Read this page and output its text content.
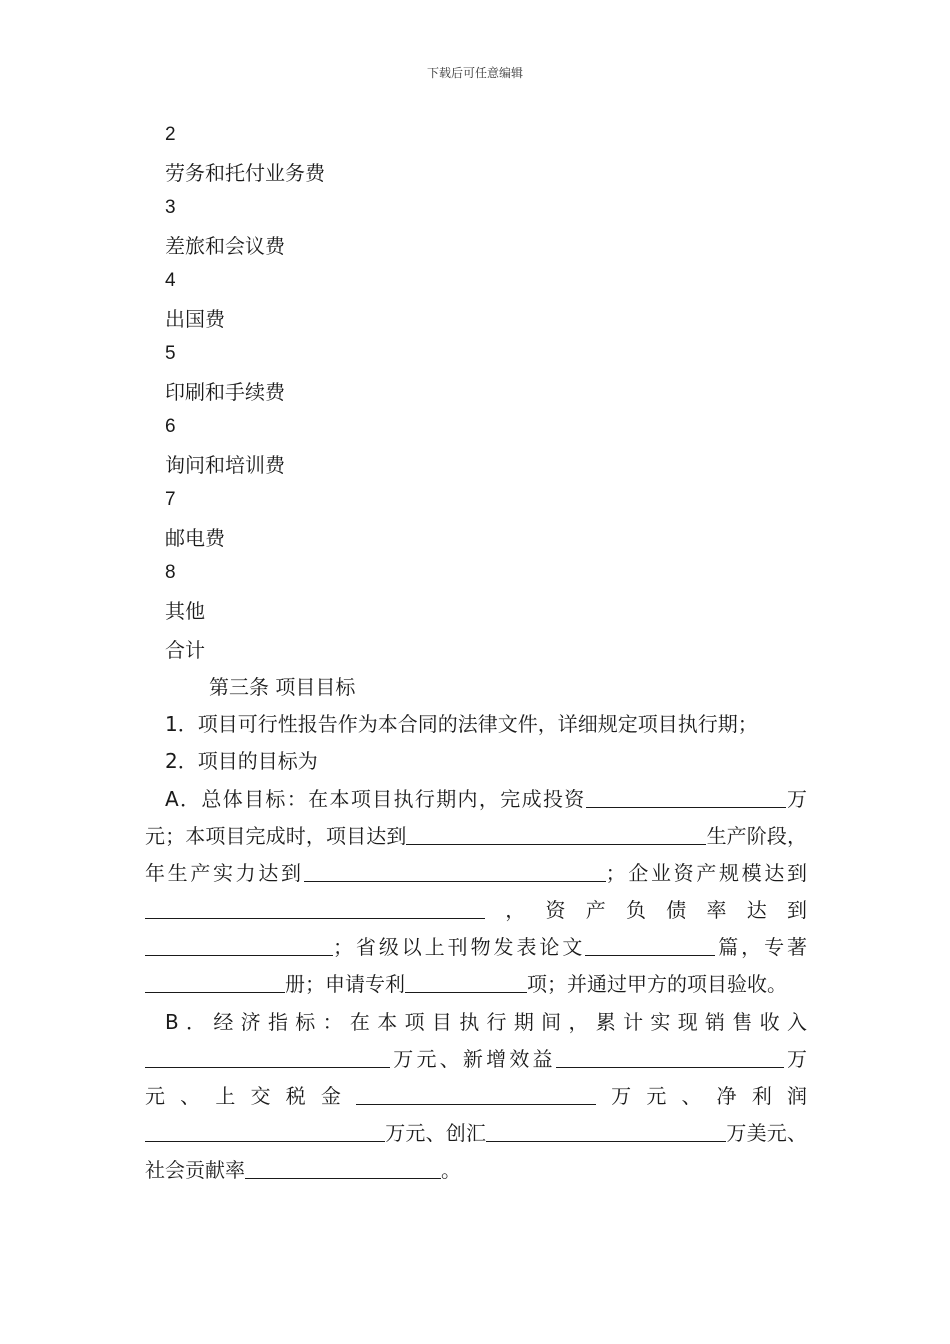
下载后可任意编辑
2
劳务和托付业务费
3
差旅和会议费
4
出国费
5
印刷和手续费
6
询问和培训费
7
邮电费
8
其他
合计
第三条 项目目标
1．项目可行性报告作为本合同的法律文件，详细规定项目执行期；
2．项目的目标为
A．总体目标：在本项目执行期内，完成投资	万元；本项目完成时，项目达到	生产阶段，年生产实力达到	；企业资产规模达到，资产负债率达到；省级以上刊物发表论文	篇，专著册；申请专利	项；并通过甲方的项目验收。
B．经济指标：在本项目执行期间，累计实现销售收入万元、新增效益	万元、上交税金	万元、净利润万元、创汇	万美元、社会贡献率	。
